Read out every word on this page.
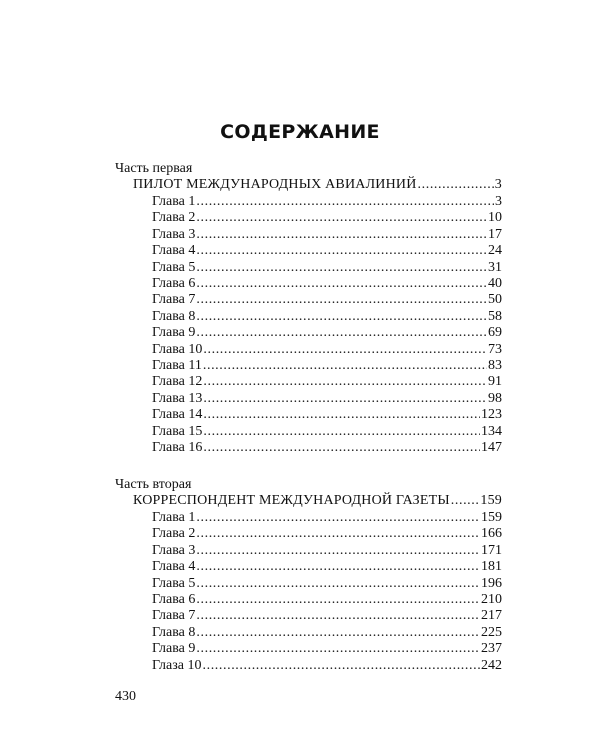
СОДЕРЖАНИЕ
Часть первая
ПИЛОТ МЕЖДУНАРОДНЫХ АВИАЛИНИЙ .....	3
Глава 1 .....	3
Глава 2 .....	10
Глава 3 .....	17
Глава 4 .....	24
Глава 5 .....	31
Глава 6 .....	40
Глава 7 .....	50
Глава 8 .....	58
Глава 9 .....	69
Глава 10 .....	73
Глава 11 .....	83
Глава 12 .....	91
Глава 13 .....	98
Глава 14 .....	123
Глава 15 .....	134
Глава 16 .....	147
Часть вторая
КОРРЕСПОНДЕНТ МЕЖДУНАРОДНОЙ ГАЗЕТЫ ..... 159
Глава 1 .....	159
Глава 2 .....	166
Глава 3 .....	171
Глава 4 .....	181
Глава 5 .....	196
Глава 6 .....	210
Глава 7 .....	217
Глава 8 .....	225
Глава 9 .....	237
Глаза 10 .....	242
430
